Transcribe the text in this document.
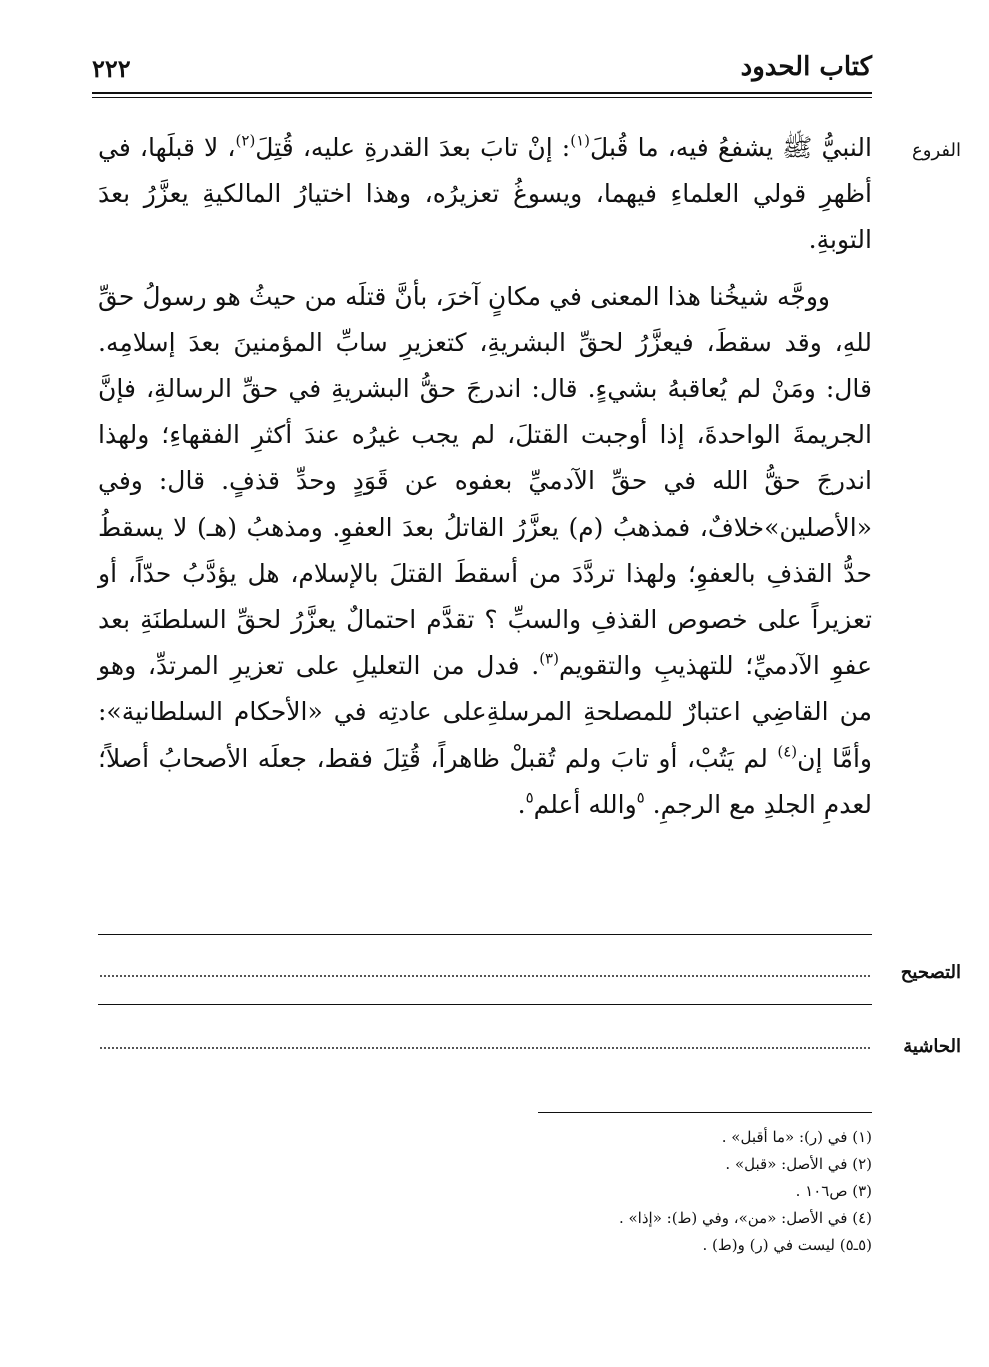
٢٢٢	كتاب الحدود
الفروع

النبيُّ ﷺ يشفعُ فيه، ما قُبلَ$^{(١)}$: إنْ تابَ بعدَ القدرةِ عليه، قُتِلَ$^{(٢)}$، لا قبلَها، في أظهرِ قولي العلماءِ فيهما، ويسوغُ تعزيرُه، وهذا اختيارُ المالكيةِ يعزَّرُ بعدَ التوبةِ.

ووجَّه شيخُنا هذا المعنى في مكانٍ آخرَ، بأنَّ قتلَه من حيثُ هو رسولُ حقِّ للهِ، وقد سقطَ، فيعزَّرُ لحقِّ البشريةِ، كتعزيرِ سابِّ المؤمنينَ بعدَ إسلامِه. قال: ومَنْ لم يُعاقبهُ بشيءٍ. قال: اندرجَ حقُّ البشريةِ في حقِّ الرسالةِ، فإنَّ الجريمةَ الواحدةَ، إذا أوجبت القتلَ، لم يجب غيرُه عندَ أكثرِ الفقهاءِ؛ ولهذا اندرجَ حقُّ الله في حقِّ الآدميِّ بعفوه عن قَوَدٍ وحدِّ قذفٍ. قال: وفي «الأصلين»خلافٌ، فمذهبُ (م) يعزَّرُ القاتلُ بعدَ العفوِ. ومذهبُ (هـ) لا يسقطُ حدُّ القذفِ بالعفوِ؛ ولهذا تردَّدَ من أسقطَ القتلَ بالإسلام، هل يؤدَّبُ حدّاً، أو تعزيراً على خصوص القذفِ والسبِّ ؟ تقدَّم احتمالٌ يعزَّرُ لحقِّ السلطنَةِ بعد عفوِ الآدميِّ؛ للتهذيبِ والتقويم$^{(٣)}$. فدل من التعليلِ على تعزيرِ المرتدِّ، وهو من القاضِي اعتبارٌ للمصلحةِ المرسلةِعلى عادتِه في «الأحكام السلطانية»: وأمَّا إن$^{(٤)}$ لم يَتُبْ، أو تابَ ولم تُقبلْ ظاهراً، قُتِلَ فقط، جعلَه الأصحابُ أصلاً؛ لعدمِ الجلدِ مع الرجمِ. $^٥$والله أعلم$^٥$.

التصحيح
الحاشية
(١) في (ر): «ما أقبل» .
(٢) في الأصل: «قبل» .
(٣) ص١٠٦ .
(٤) في الأصل: «من»، وفي (ط): «إذا» .
(٥ـ٥) ليست في (ر) و(ط) .
